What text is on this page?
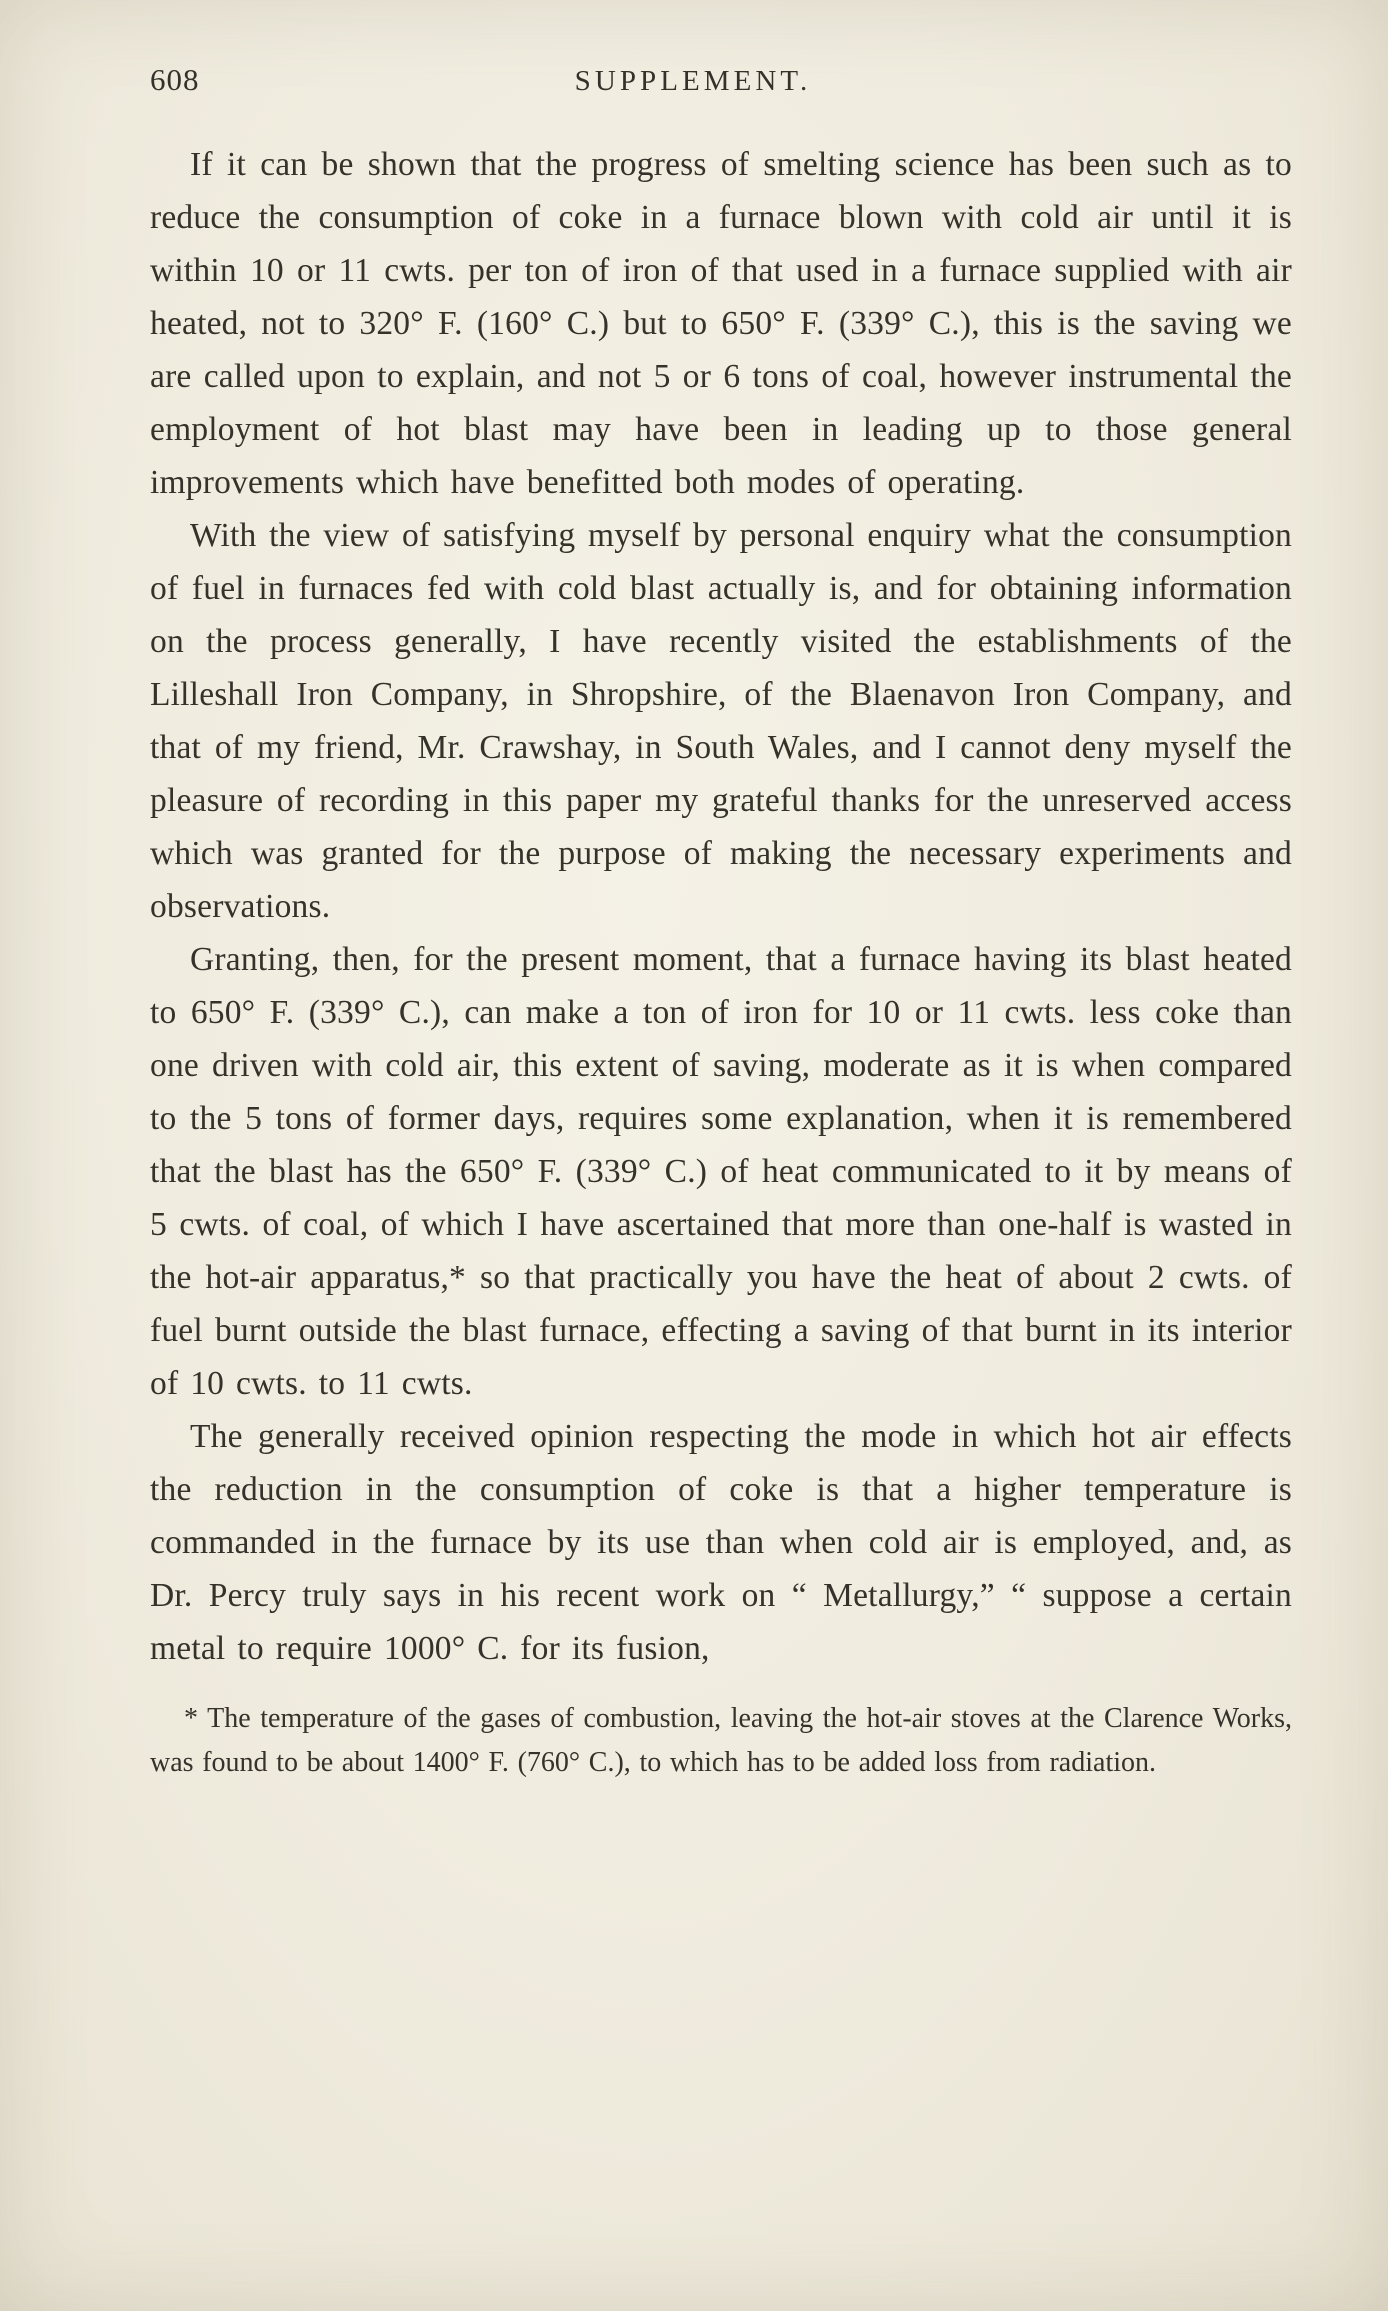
608	SUPPLEMENT.

If it can be shown that the progress of smelting science has been such as to reduce the consumption of coke in a furnace blown with cold air until it is within 10 or 11 cwts. per ton of iron of that used in a furnace supplied with air heated, not to 320° F. (160° C.) but to 650° F. (339° C.), this is the saving we are called upon to explain, and not 5 or 6 tons of coal, however instrumental the employment of hot blast may have been in leading up to those general improvements which have benefitted both modes of operating.

With the view of satisfying myself by personal enquiry what the consumption of fuel in furnaces fed with cold blast actually is, and for obtaining information on the process generally, I have recently visited the establishments of the Lilleshall Iron Company, in Shropshire, of the Blaenavon Iron Company, and that of my friend, Mr. Crawshay, in South Wales, and I cannot deny myself the pleasure of recording in this paper my grateful thanks for the unreserved access which was granted for the purpose of making the necessary experiments and observations.

Granting, then, for the present moment, that a furnace having its blast heated to 650° F. (339° C.), can make a ton of iron for 10 or 11 cwts. less coke than one driven with cold air, this extent of saving, moderate as it is when compared to the 5 tons of former days, requires some explanation, when it is remembered that the blast has the 650° F. (339° C.) of heat communicated to it by means of 5 cwts. of coal, of which I have ascertained that more than one-half is wasted in the hot-air apparatus,* so that practically you have the heat of about 2 cwts. of fuel burnt outside the blast furnace, effecting a saving of that burnt in its interior of 10 cwts. to 11 cwts.

The generally received opinion respecting the mode in which hot air effects the reduction in the consumption of coke is that a higher temperature is commanded in the furnace by its use than when cold air is employed, and, as Dr. Percy truly says in his recent work on “ Metallurgy,” “ suppose a certain metal to require 1000° C. for its fusion,

* The temperature of the gases of combustion, leaving the hot-air stoves at the Clarence Works, was found to be about 1400° F. (760° C.), to which has to be added loss from radiation.
